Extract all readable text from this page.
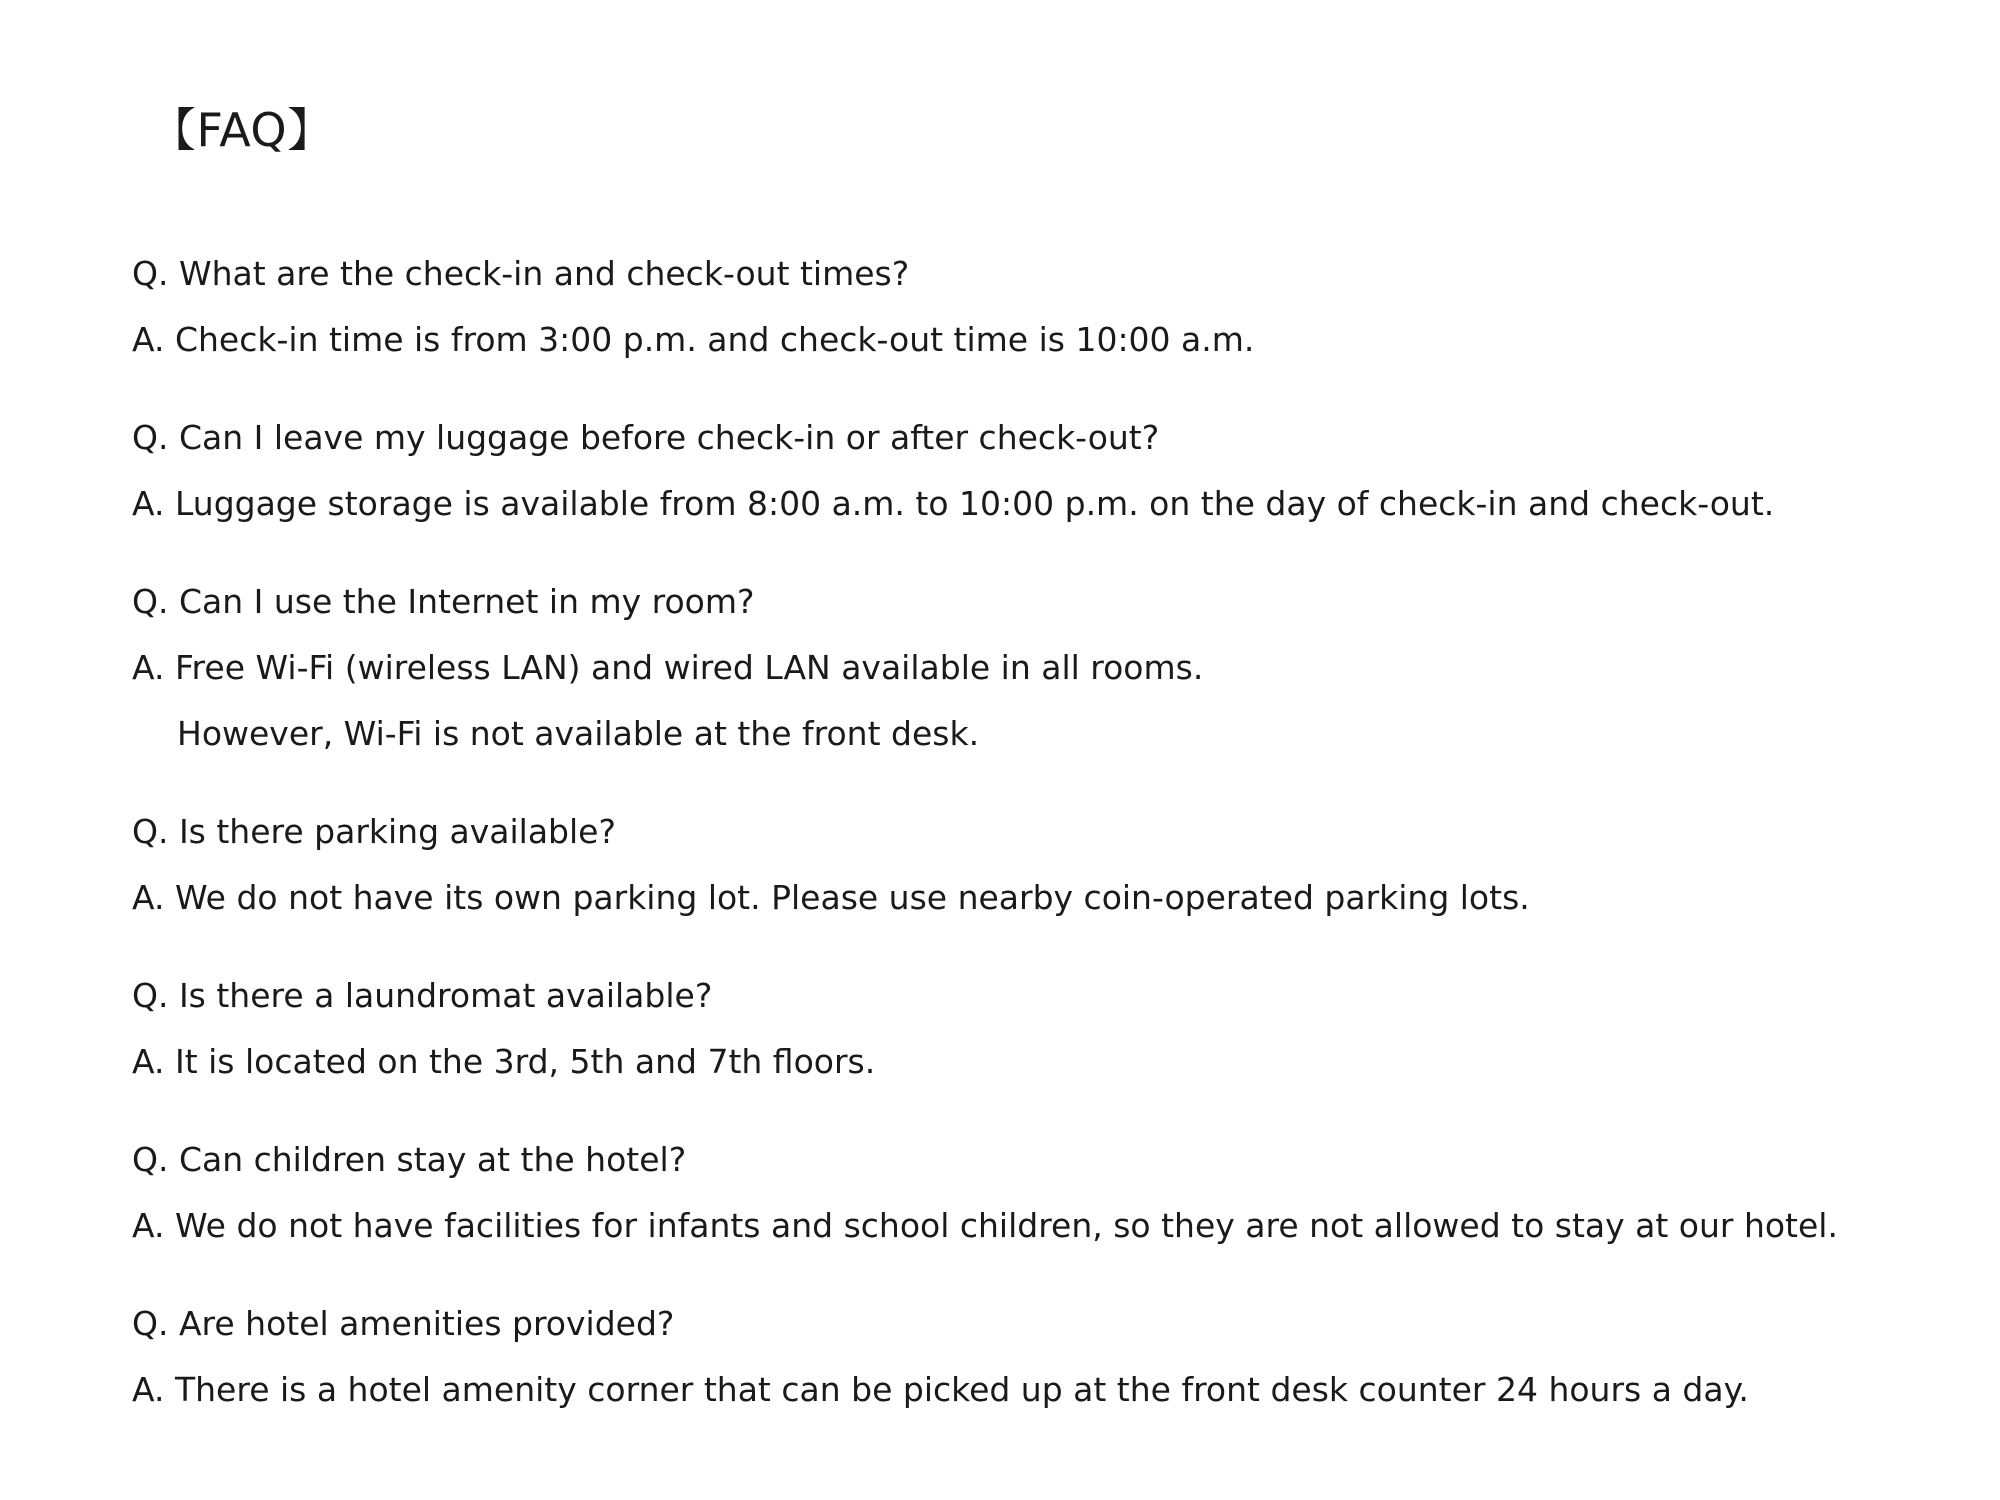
【FAQ】
Q. What are the check-in and check-out times?
A. Check-in time is from 3:00 p.m. and check-out time is 10:00 a.m.
Q. Can I leave my luggage before check-in or after check-out?
A. Luggage storage is available from 8:00 a.m. to 10:00 p.m. on the day of check-in and check-out.
Q. Can I use the Internet in my room?
A. Free Wi-Fi (wireless LAN) and wired LAN available in all rooms.
However, Wi-Fi is not available at the front desk.
Q. Is there parking available?
A. We do not have its own parking lot. Please use nearby coin-operated parking lots.
Q. Is there a laundromat available?
A. It is located on the 3rd, 5th and 7th floors.
Q. Can children stay at the hotel?
A. We do not have facilities for infants and school children, so they are not allowed to stay at our hotel.
Q. Are hotel amenities provided?
A. There is a hotel amenity corner that can be picked up at the front desk counter 24 hours a day.
